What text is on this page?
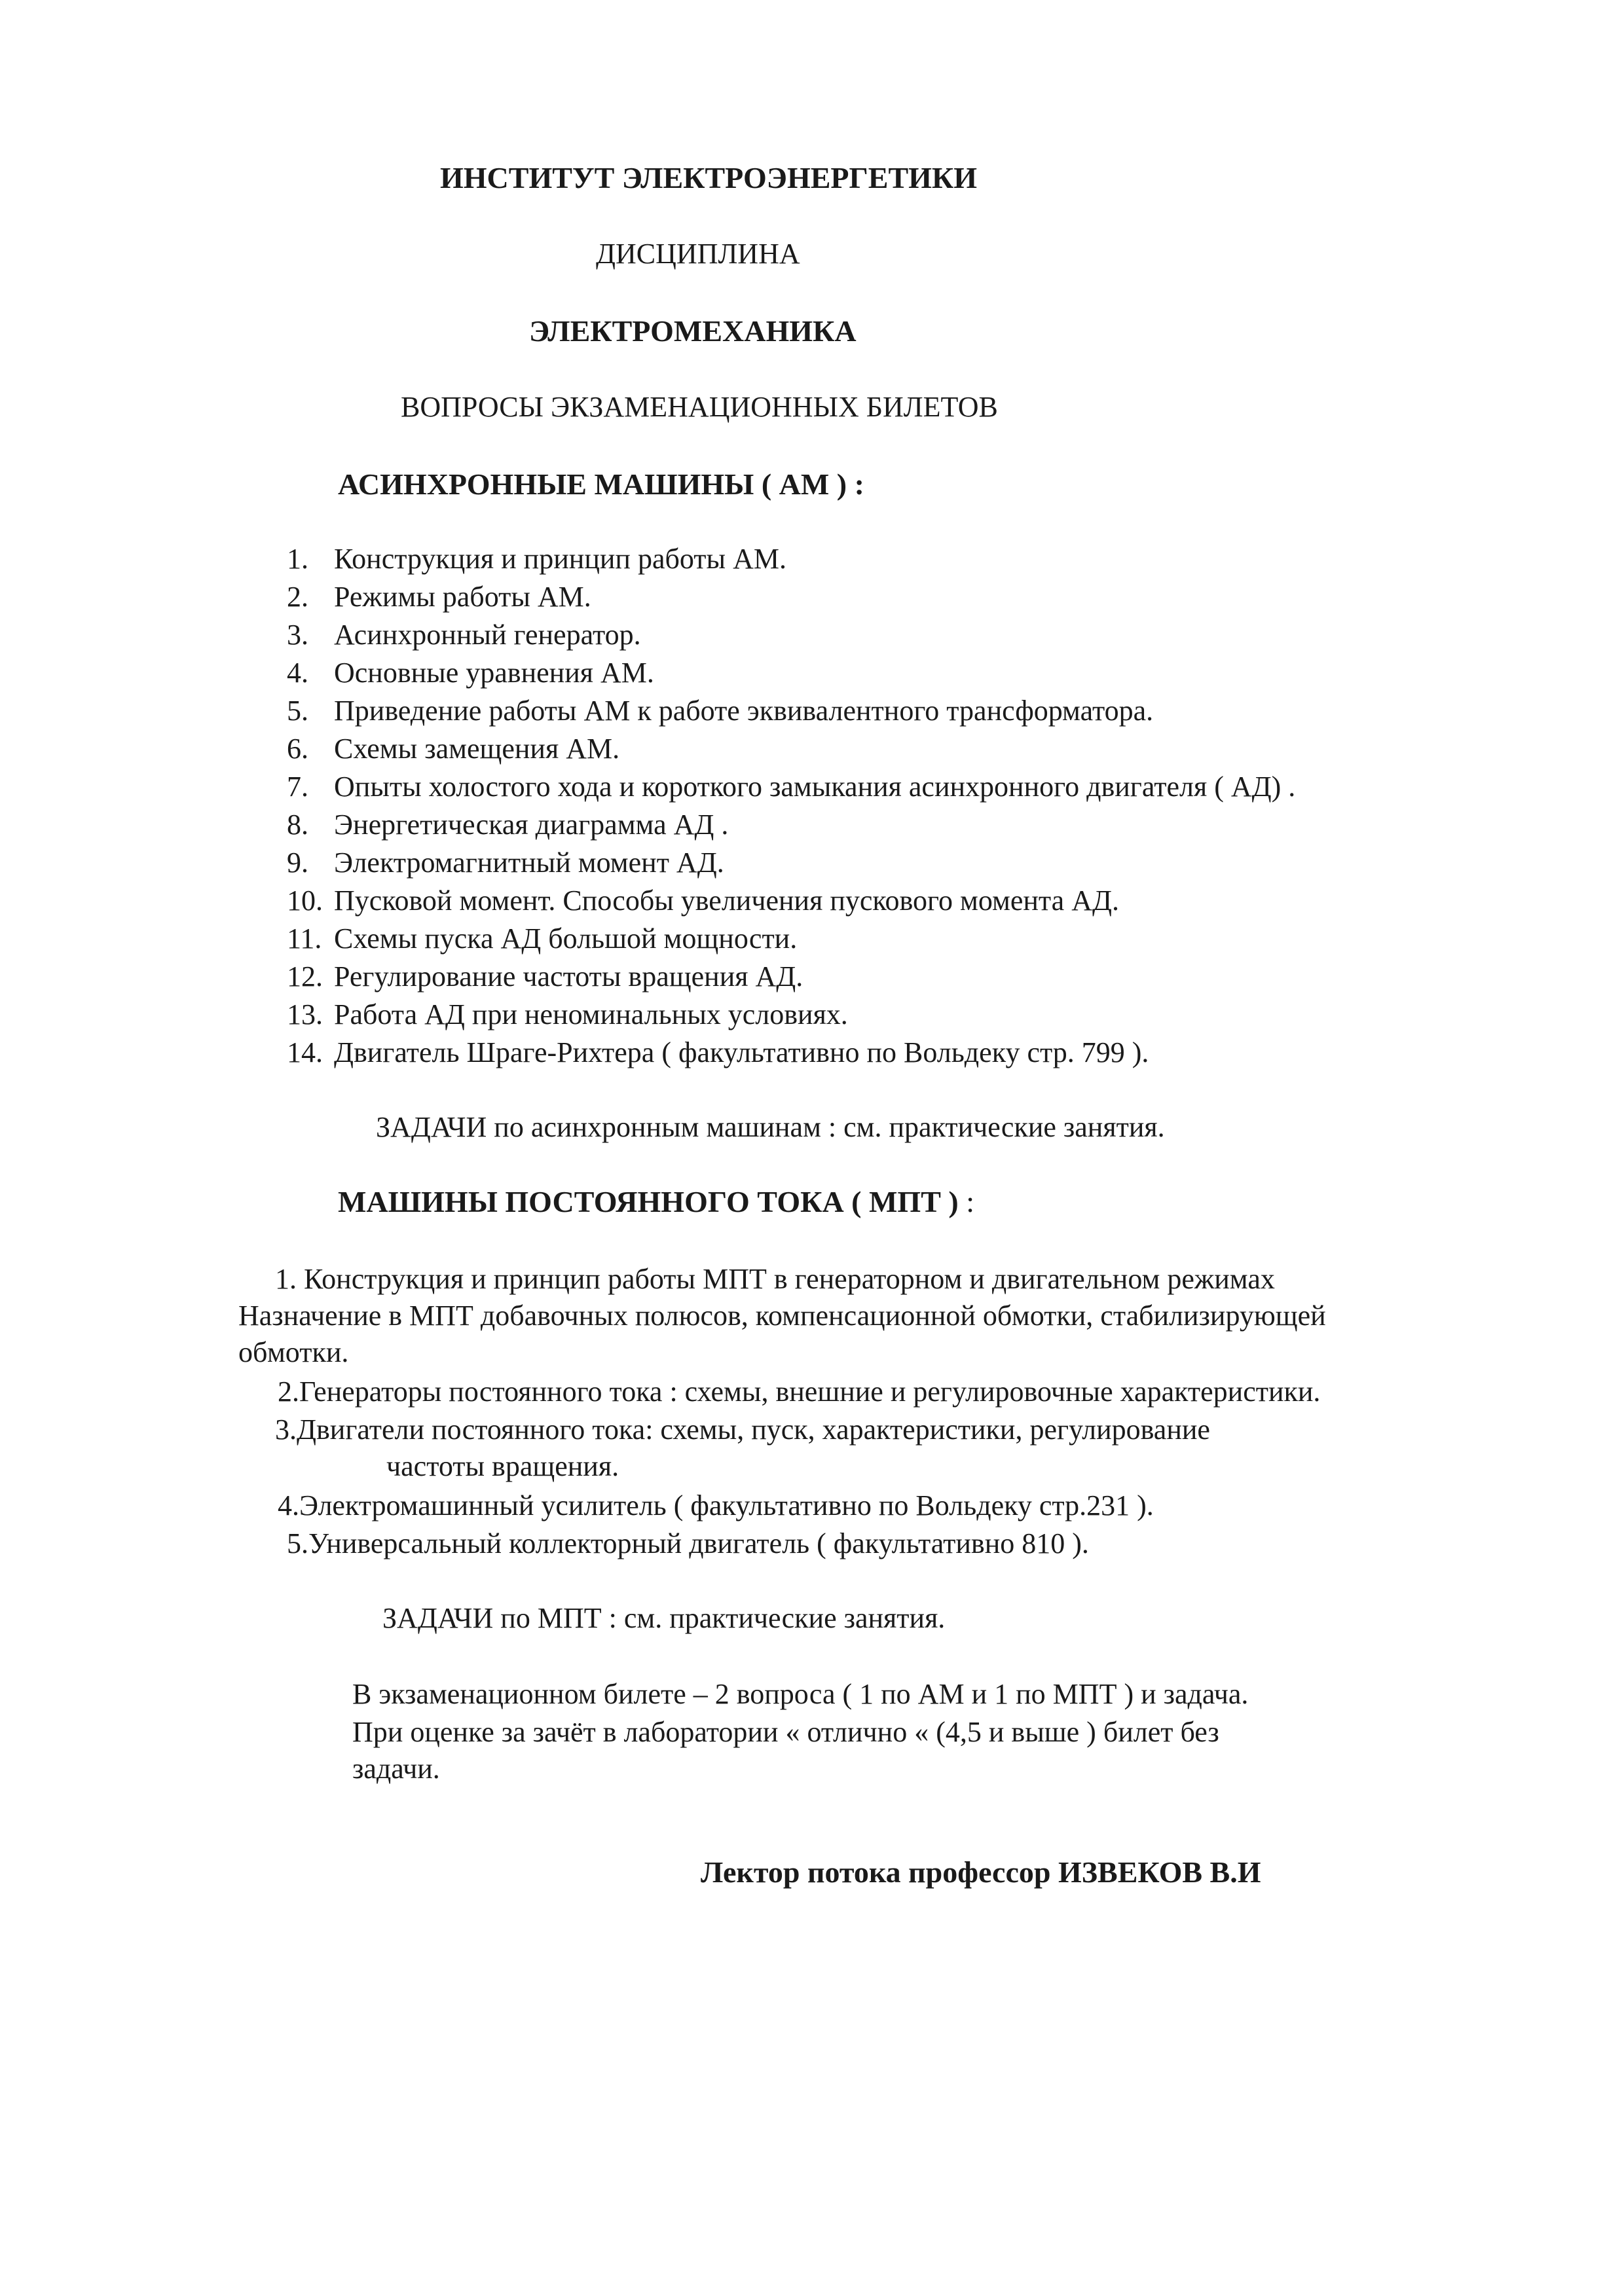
ИНСТИТУТ ЭЛЕКТРОЭНЕРГЕТИКИ
ДИСЦИПЛИНА
ЭЛЕКТРОМЕХАНИКА
ВОПРОСЫ ЭКЗАМЕНАЦИОННЫХ БИЛЕТОВ
АСИНХРОННЫЕ МАШИНЫ ( АМ ) :
1. Конструкция и принцип работы АМ.
2. Режимы работы АМ.
3. Асинхронный генератор.
4. Основные уравнения АМ.
5. Приведение работы АМ к работе эквивалентного трансформатора.
6. Схемы замещения АМ.
7. Опыты холостого хода и короткого замыкания асинхронного двигателя ( АД) .
8. Энергетическая диаграмма АД .
9. Электромагнитный момент АД.
10. Пусковой момент. Способы увеличения пускового момента АД.
11. Схемы пуска АД большой мощности.
12. Регулирование частоты вращения АД.
13. Работа АД при неноминальных условиях.
14. Двигатель Шраге-Рихтера ( факультативно по Вольдеку стр. 799 ).
ЗАДАЧИ по асинхронным машинам : см. практические занятия.
МАШИНЫ ПОСТОЯННОГО ТОКА ( МПТ ) :
1. Конструкция и принцип работы МПТ в генераторном и двигательном режимах
Назначение в МПТ добавочных полюсов, компенсационной обмотки, стабилизирующей
обмотки.
2.Генераторы постоянного тока : схемы, внешние и регулировочные характеристики.
3.Двигатели постоянного тока: схемы, пуск, характеристики, регулирование
частоты вращения.
4.Электромашинный усилитель ( факультативно по Вольдеку стр.231 ).
5.Универсальный коллекторный двигатель ( факультативно 810 ).
ЗАДАЧИ по МПТ : см. практические занятия.
В экзаменационном билете – 2 вопроса ( 1 по АМ и 1 по МПТ ) и задача.
При оценке за зачёт в лаборатории « отлично « (4,5 и выше ) билет без
задачи.
Лектор потока профессор ИЗВЕКОВ В.И
